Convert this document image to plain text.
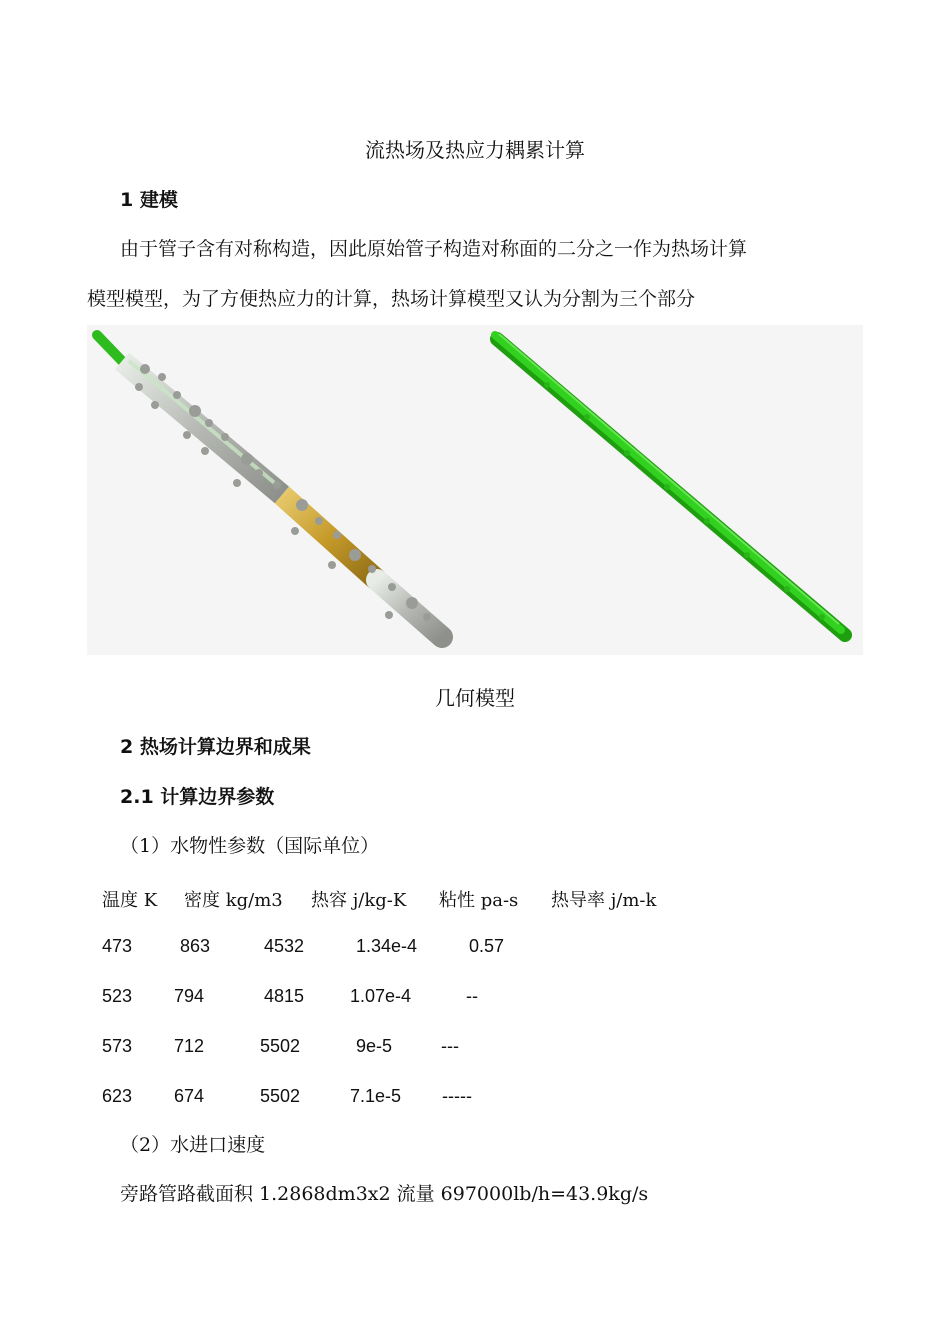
流热场及热应力耦累计算
1 建模
由于管子含有对称构造，因此原始管子构造对称面的二分之一作为热场计算
模型模型，为了方便热应力的计算，热场计算模型又认为分割为三个部分
几何模型
2 热场计算边界和成果
2.1 计算边界参数
（1）水物性参数（国际单位）
温度 K 密度 kg/m3 热容 j/kg-K 粘性 pa-s 热导率 j/m-k
473	863	4532	1.34e-4	0.57
523 794	4815	1.07e-4	--
573 712	5502	9e-5	---
623 674	5502	7.1e-5 -----
（2）水进口速度
旁路管路截面积 1.2868dm3x2 流量 697000lb/h=43.9kg/s
